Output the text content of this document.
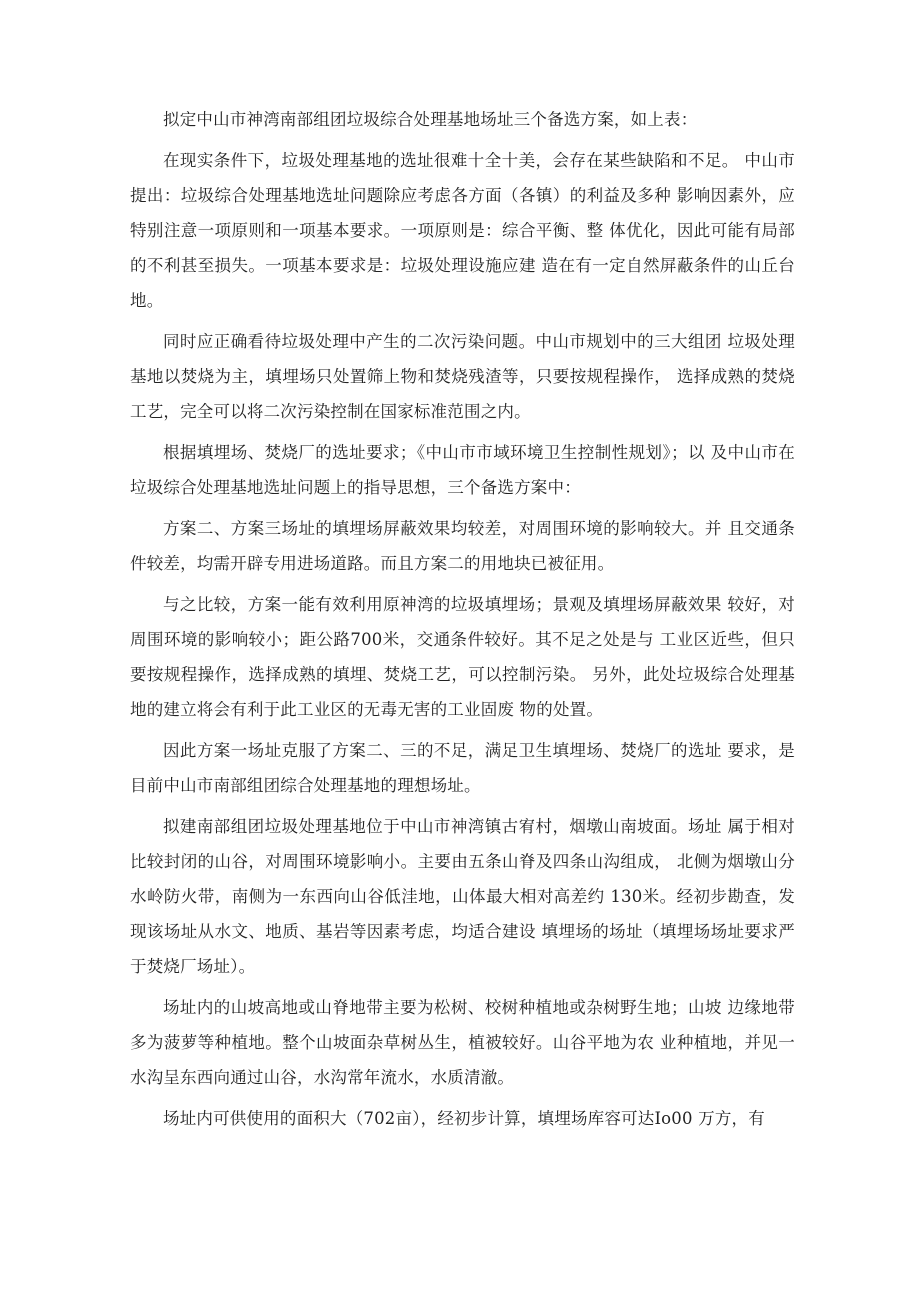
拟定中山市神湾南部组团垃圾综合处理基地场址三个备选方案，如上表：

在现实条件下，垃圾处理基地的选址很难十全十美，会存在某些缺陷和不足。 中山市提出：垃圾综合处理基地选址问题除应考虑各方面（各镇）的利益及多种 影响因素外，应特别注意一项原则和一项基本要求。一项原则是：综合平衡、整 体优化，因此可能有局部的不利甚至损失。一项基本要求是：垃圾处理设施应建 造在有一定自然屏蔽条件的山丘台地。

同时应正确看待垃圾处理中产生的二次污染问题。中山市规划中的三大组团 垃圾处理基地以焚烧为主，填埋场只处置筛上物和焚烧残渣等，只要按规程操作， 选择成熟的焚烧工艺，完全可以将二次污染控制在国家标准范围之内。

根据填埋场、焚烧厂的选址要求；《中山市市域环境卫生控制性规划》；以 及中山市在垃圾综合处理基地选址问题上的指导思想，三个备选方案中：

方案二、方案三场址的填埋场屏蔽效果均较差，对周围环境的影响较大。并 且交通条件较差，均需开辟专用进场道路。而且方案二的用地块已被征用。

与之比较，方案一能有效利用原神湾的垃圾填埋场；景观及填埋场屏蔽效果 较好，对周围环境的影响较小；距公路700米，交通条件较好。其不足之处是与 工业区近些，但只要按规程操作，选择成熟的填埋、焚烧工艺，可以控制污染。 另外，此处垃圾综合处理基地的建立将会有利于此工业区的无毒无害的工业固废 物的处置。

因此方案一场址克服了方案二、三的不足，满足卫生填埋场、焚烧厂的选址 要求，是目前中山市南部组团综合处理基地的理想场址。

拟建南部组团垃圾处理基地位于中山市神湾镇古宥村，烟墩山南坡面。场址 属于相对比较封闭的山谷，对周围环境影响小。主要由五条山脊及四条山沟组成， 北侧为烟墩山分水岭防火带，南侧为一东西向山谷低洼地，山体最大相对高差约 130米。经初步勘查，发现该场址从水文、地质、基岩等因素考虑，均适合建设 填埋场的场址（填埋场场址要求严于焚烧厂场址）。

场址内的山坡高地或山脊地带主要为松树、校树种植地或杂树野生地；山坡 边缘地带多为菠萝等种植地。整个山坡面杂草树丛生，植被较好。山谷平地为农 业种植地，并见一水沟呈东西向通过山谷，水沟常年流水，水质清澈。

场址内可供使用的面积大（702亩），经初步计算，填埋场库容可达Io00 万方，有
